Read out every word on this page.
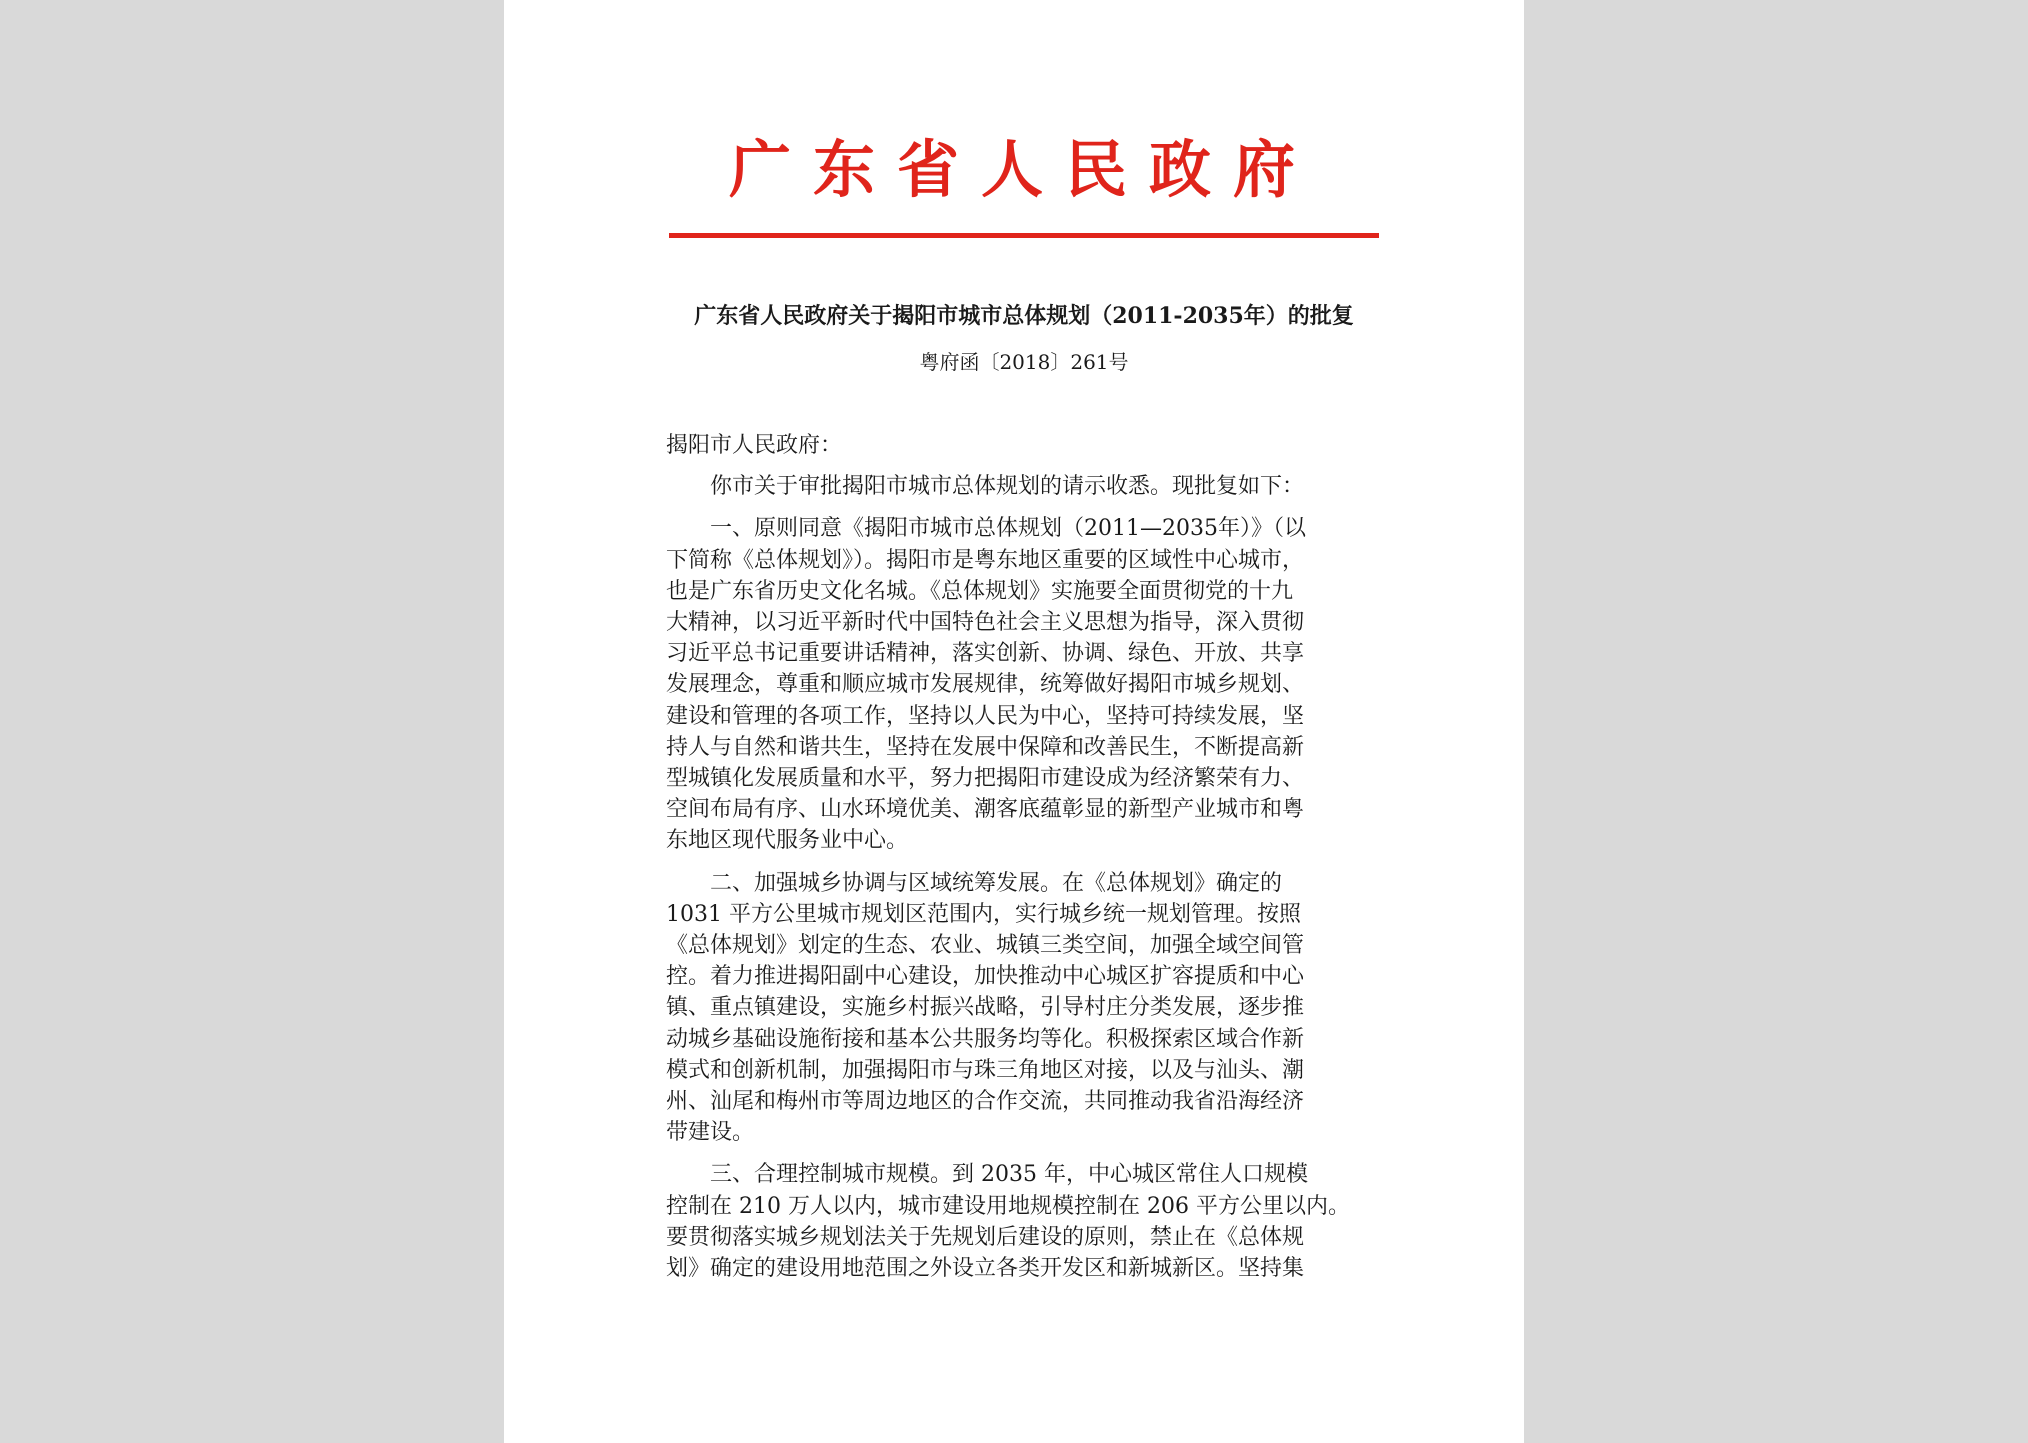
广东省人民政府
广东省人民政府关于揭阳市城市总体规划（2011-2035年）的批复
粤府函〔2018〕261号
揭阳市人民政府：
　　你市关于审批揭阳市城市总体规划的请示收悉。现批复如下：
　　一、原则同意《揭阳市城市总体规划（2011—2035年）》（以
下简称《总体规划》）。揭阳市是粤东地区重要的区域性中心城市，
也是广东省历史文化名城。《总体规划》实施要全面贯彻党的十九
大精神，以习近平新时代中国特色社会主义思想为指导，深入贯彻
习近平总书记重要讲话精神，落实创新、协调、绿色、开放、共享
发展理念，尊重和顺应城市发展规律，统筹做好揭阳市城乡规划、
建设和管理的各项工作，坚持以人民为中心，坚持可持续发展，坚
持人与自然和谐共生，坚持在发展中保障和改善民生，不断提高新
型城镇化发展质量和水平，努力把揭阳市建设成为经济繁荣有力、
空间布局有序、山水环境优美、潮客底蕴彰显的新型产业城市和粤
东地区现代服务业中心。
　　二、加强城乡协调与区域统筹发展。在《总体规划》确定的
1031 平方公里城市规划区范围内，实行城乡统一规划管理。按照
《总体规划》划定的生态、农业、城镇三类空间，加强全域空间管
控。着力推进揭阳副中心建设，加快推动中心城区扩容提质和中心
镇、重点镇建设，实施乡村振兴战略，引导村庄分类发展，逐步推
动城乡基础设施衔接和基本公共服务均等化。积极探索区域合作新
模式和创新机制，加强揭阳市与珠三角地区对接，以及与汕头、潮
州、汕尾和梅州市等周边地区的合作交流，共同推动我省沿海经济
带建设。
　　三、合理控制城市规模。到 2035 年，中心城区常住人口规模
控制在 210 万人以内，城市建设用地规模控制在 206 平方公里以内。
要贯彻落实城乡规划法关于先规划后建设的原则，禁止在《总体规
划》确定的建设用地范围之外设立各类开发区和新城新区。坚持集
